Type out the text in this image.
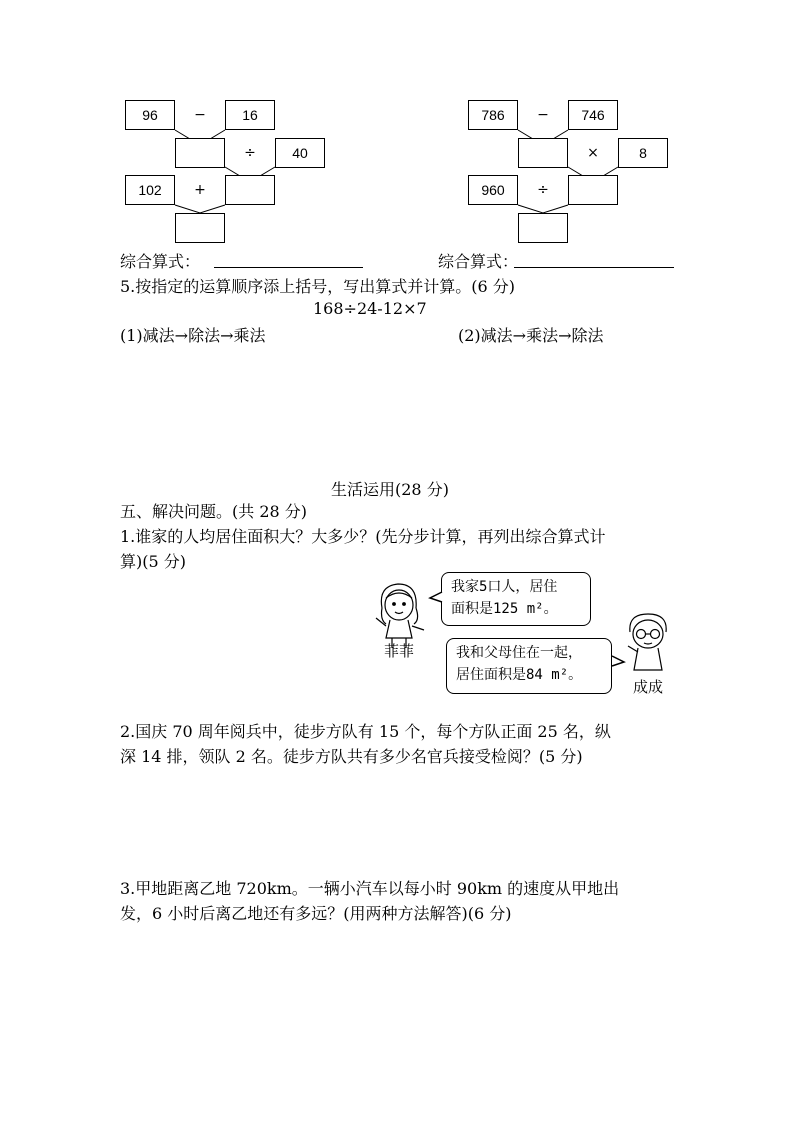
96	−	16
÷	40
102	+
786	−	746
×	8
960	÷
综合算式：	综合算式：
5.按指定的运算顺序添上括号，写出算式并计算。(6 分)
168÷24-12×7
(1)减法→除法→乘法	(2)减法→乘法→除法
生活运用(28 分)
五、解决问题。(共 28 分)
1.谁家的人均居住面积大？大多少？(先分步计算，再列出综合算式计
算)(5 分)
菲菲
我家5口人，居住
面积是125 m²。
我和父母住在一起，
居住面积是84 m²。
成成
2.国庆 70 周年阅兵中，徒步方队有 15 个，每个方队正面 25 名，纵
深 14 排，领队 2 名。徒步方队共有多少名官兵接受检阅？(5 分)
3.甲地距离乙地 720km。一辆小汽车以每小时 90km 的速度从甲地出
发，6 小时后离乙地还有多远？(用两种方法解答)(6 分)
